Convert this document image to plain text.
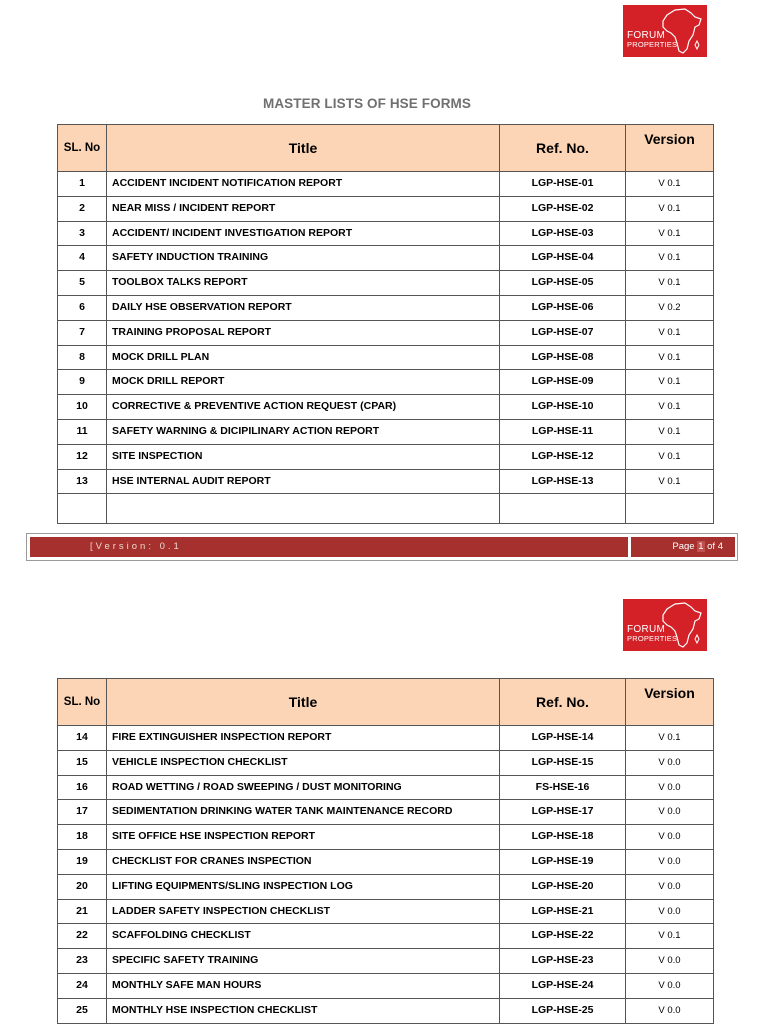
FORUM
PROPERTIES
MASTER LISTS OF HSE FORMS
SL. No	Title	Ref. No.	Version
1	ACCIDENT INCIDENT NOTIFICATION REPORT	LGP-HSE-01	V 0.1
2	NEAR MISS / INCIDENT REPORT	LGP-HSE-02	V 0.1
3	ACCIDENT/ INCIDENT INVESTIGATION REPORT	LGP-HSE-03	V 0.1
4	SAFETY INDUCTION TRAINING	LGP-HSE-04	V 0.1
5	TOOLBOX TALKS REPORT	LGP-HSE-05	V 0.1
6	DAILY HSE OBSERVATION REPORT	LGP-HSE-06	V 0.2
7	TRAINING PROPOSAL REPORT	LGP-HSE-07	V 0.1
8	MOCK DRILL PLAN	LGP-HSE-08	V 0.1
9	MOCK DRILL REPORT	LGP-HSE-09	V 0.1
10	CORRECTIVE & PREVENTIVE ACTION REQUEST (CPAR)	LGP-HSE-10	V 0.1
11	SAFETY WARNING & DICIPILINARY ACTION REPORT	LGP-HSE-11	V 0.1
12	SITE INSPECTION	LGP-HSE-12	V 0.1
13	HSE INTERNAL AUDIT REPORT	LGP-HSE-13	V 0.1

[Version: 0.1	Page 1 of 4
FORUM
PROPERTIES
SL. No	Title	Ref. No.	Version
14	FIRE EXTINGUISHER INSPECTION REPORT	LGP-HSE-14	V 0.1
15	VEHICLE INSPECTION CHECKLIST	LGP-HSE-15	V 0.0
16	ROAD WETTING / ROAD SWEEPING / DUST MONITORING	FS-HSE-16	V 0.0
17	SEDIMENTATION DRINKING WATER TANK MAINTENANCE RECORD	LGP-HSE-17	V 0.0
18	SITE OFFICE HSE INSPECTION REPORT	LGP-HSE-18	V 0.0
19	CHECKLIST FOR CRANES INSPECTION	LGP-HSE-19	V 0.0
20	LIFTING EQUIPMENTS/SLING INSPECTION LOG	LGP-HSE-20	V 0.0
21	LADDER SAFETY INSPECTION CHECKLIST	LGP-HSE-21	V 0.0
22	SCAFFOLDING CHECKLIST	LGP-HSE-22	V 0.1
23	SPECIFIC SAFETY TRAINING	LGP-HSE-23	V 0.0
24	MONTHLY SAFE MAN HOURS	LGP-HSE-24	V 0.0
25	MONTHLY HSE INSPECTION CHECKLIST	LGP-HSE-25	V 0.0
